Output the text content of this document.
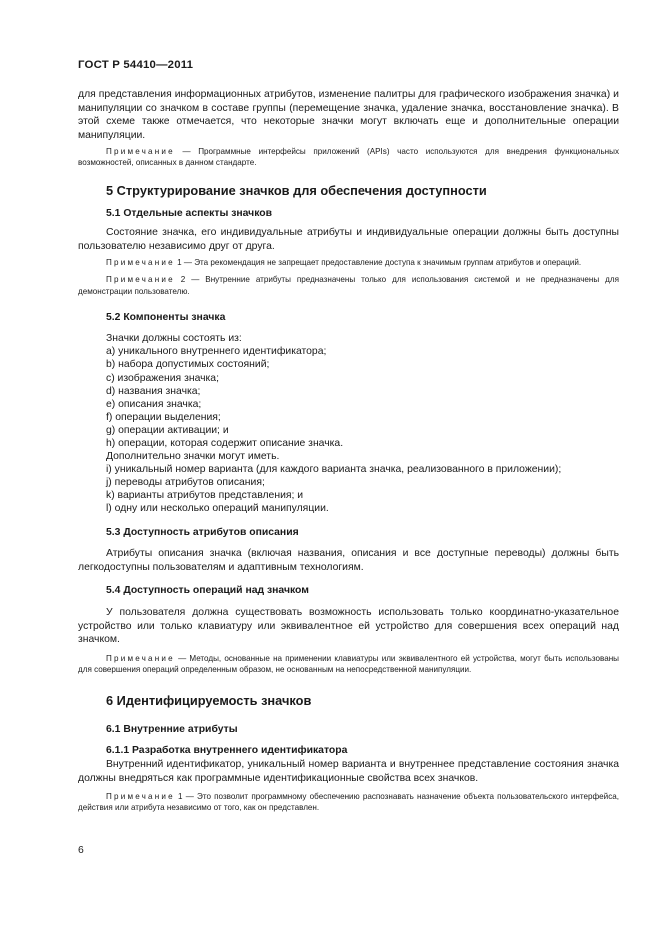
ГОСТ Р 54410—2011

для представления информационных атрибутов, изменение палитры для графического изображения значка) и манипуляции со значком в составе группы (перемещение значка, удаление значка, восстановление значка). В этой схеме также отмечается, что некоторые значки могут включать еще и дополнительные операции манипуляции.

Примечание — Программные интерфейсы приложений (APIs) часто используются для внедрения функциональных возможностей, описанных в данном стандарте.

5 Структурирование значков для обеспечения доступности

5.1 Отдельные аспекты значков

Состояние значка, его индивидуальные атрибуты и индивидуальные операции должны быть доступны пользователю независимо друг от друга.

Примечание 1 — Эта рекомендация не запрещает предоставление доступа к значимым группам атрибутов и операций.

Примечание 2 — Внутренние атрибуты предназначены только для использования системой и не предназначены для демонстрации пользователю.

5.2 Компоненты значка

Значки должны состоять из:
a) уникального внутреннего идентификатора;
b) набора допустимых состояний;
c) изображения значка;
d) названия значка;
e) описания значка;
f) операции выделения;
g) операции активации; и
h) операции, которая содержит описание значка.
Дополнительно значки могут иметь.
i) уникальный номер варианта (для каждого варианта значка, реализованного в приложении);
j) переводы атрибутов описания;
k) варианты атрибутов представления; и
l) одну или несколько операций манипуляции.

5.3 Доступность атрибутов описания

Атрибуты описания значка (включая названия, описания и все доступные переводы) должны быть легкодоступны пользователям и адаптивным технологиям.

5.4 Доступность операций над значком

У пользователя должна существовать возможность использовать только координатно-указательное устройство или только клавиатуру или эквивалентное ей устройство для совершения всех операций над значком.

Примечание — Методы, основанные на применении клавиатуры или эквивалентного ей устройства, могут быть использованы для совершения операций определенным образом, не основанным на непосредственной манипуляции.

6 Идентифицируемость значков

6.1 Внутренние атрибуты

6.1.1 Разработка внутреннего идентификатора

Внутренний идентификатор, уникальный номер варианта и внутреннее представление состояния значка должны внедряться как программные идентификационные свойства всех значков.

Примечание 1 — Это позволит программному обеспечению распознавать назначение объекта пользовательского интерфейса, действия или атрибута независимо от того, как он представлен.

6
